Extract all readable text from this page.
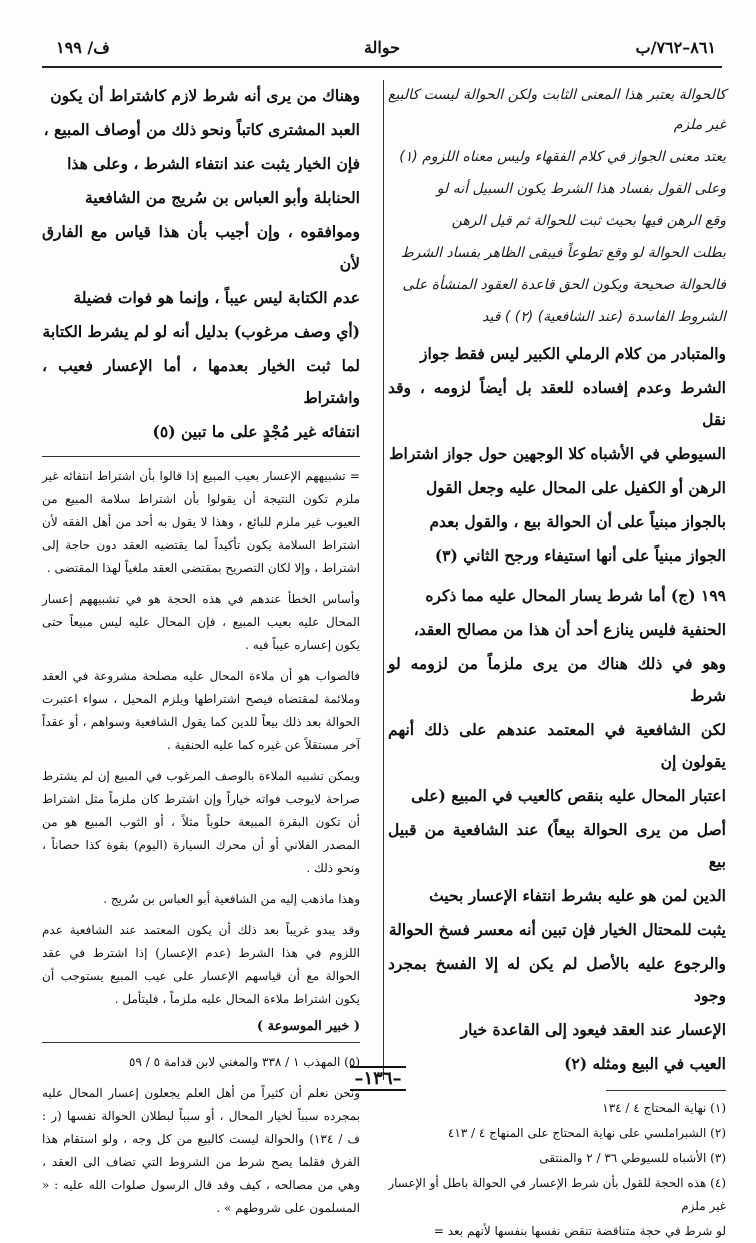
٨٦١–٧٦٢/ب
حوالة
ف/ ١٩٩

كالحوالة يعتبر هذا المعنى الثابت ولكن الحوالة ليست كالبيع غير ملزم

يعتد معنى الجواز في كلام الفقهاء وليس معناه اللزوم (١)

وعلى القول بفساد هذا الشرط يكون السبيل أنه لو

وقع الرهن فيها بحيث ثبت للحوالة ثم قيل الرهن

بطلت الحوالة لو وقع تطوعاً فيبقى الظاهر بفساد الشرط

فالحوالة صحيحة ويكون الحق قاعدة العقود المنشأة على

الشروط الفاسدة (عند الشافعية) (٢) ) قيد

والمتبادر من كلام الرملي الكبير ليس فقط جواز

الشرط وعدم إفساده للعقد بل أيضاً لزومه ، وقد نقل

السيوطي في الأشباه كلا الوجهين حول جواز اشتراط

الرهن أو الكفيل على المحال عليه وجعل القول

بالجواز مبنياً على أن الحوالة بيع ، والقول بعدم

الجواز مبنياً على أنها استيفاء ورجح الثاني (٣)

١٩٩ (ج) أما شرط يسار المحال عليه مما ذكره

الحنفية فليس ينازع أحد أن هذا من مصالح العقد،

وهو في ذلك هناك من يرى ملزماً من لزومه لو شرط

لكن الشافعية في المعتمد عندهم على ذلك أنهم يقولون إن

اعتبار المحال عليه بنقص كالعيب في المبيع (على

أصل من يرى الحوالة بيعاً) عند الشافعية من قبيل بيع

الدين لمن هو عليه بشرط انتفاء الإعسار بحيث

يثبت للمحتال الخيار فإن تبين أنه معسر فسخ الحوالة

والرجوع عليه بالأصل لم يكن له إلا الفسخ بمجرد وجود

الإعسار عند العقد فيعود إلى القاعدة خيار

العيب في البيع ومثله (٢)

(١) نهاية المحتاج ٤ / ١٣٤

(٢) الشبراملسي على نهاية المحتاج على المنهاج ٤ / ٤١٣

(٣) الأشباه للسيوطي ٣٦ / ٢ والمنتقى

(٤) هذه الحجة للقول بأن شرط الإعسار في الحوالة باطل أو الإعسار غير ملزم

لو شرط في حجة متناقضة تنقض نفسها بنفسها لأنهم بعد =

وهناك من يرى أنه شرط لازم كاشتراط أن يكون

العبد المشترى كاتباً ونحو ذلك من أوصاف المبيع ،

فإن الخيار يثبت عند انتفاء الشرط ، وعلى هذا

الحنابلة وأبو العباس بن سُريج من الشافعية

وموافقوه ، وإن أجيب بأن هذا قياس مع الفارق لأن

عدم الكتابة ليس عيباً ، وإنما هو فوات فضيلة

(أي وصف مرغوب) بدليل أنه لو لم يشرط الكتابة

لما ثبت الخيار بعدمها ، أما الإعسار فعيب ، واشتراط

انتفائه غير مُجْدٍ على ما تبين (٥)

= تشبيههم الإعسار بعيب المبيع إذا قالوا بأن اشتراط انتفائه غير ملزم تكون النتيجة أن يقولوا بأن اشتراط سلامة المبيع من العيوب غير ملزم للبائع ، وهذا لا يقول به أحد من أهل الفقه لأن اشتراط السلامة يكون تأكيداً لما يقتضيه العقد دون حاجة إلى اشتراط ، وإلا لكان التصريح بمقتضى العقد ملغياً لهذا المقتضى .

وأساس الخطأ عندهم في هذه الحجة هو في تشبيههم إعسار المحال عليه بعيب المبيع ، فإن المحال عليه ليس مبيعاً حتى يكون إعساره عيباً فيه .

فالصواب هو أن ملاءة المحال عليه مصلحة مشروعة في العقد وملائمة لمقتضاه فيصح اشتراطها ويلزم المحيل ، سواء اعتبرت الحوالة بعد ذلك بيعاً للدين كما يقول الشافعية وسواهم ، أو عقداً آخر مستقلاً عن غيره كما عليه الحنفية .

ويمكن تشبيه الملاءة بالوصف المرغوب في المبيع إن لم يشترط صراحة لايوجب فواته خياراً وإن اشترط كان ملزماً مثل اشتراط أن تكون البقرة المبيعة حلوباً مثلاً ، أو الثوب المبيع هو من المصدر الفلاني أو أن محرك السيارة (اليوم) بقوة كذا حصاناً ، ونحو ذلك .

وهذا ماذهب إليه من الشافعية أبو العباس بن سُريج .

وقد يبدو غريباً بعد ذلك أن يكون المعتمد عند الشافعية عدم اللزوم في هذا الشرط (عدم الإعسار) إذا اشترط في عقد الحوالة مع أن قياسهم الإعسار على عيب المبيع يستوجب أن يكون اشتراط ملاءة المحال عليه ملزماً ، فليتأمل .

( خبير الموسوعة )

(٥) المهذب ١ / ٣٣٨ والمغني لابن قدامة ٥ / ٥٩

ونحن نعلم أن كثيراً من أهل العلم يجعلون إعسار المحال عليه بمجرده سبباً لخيار المحال ، أو سبباً لبطلان الحوالة نفسها (ر : ف / ١٣٤) والحوالة ليست كالبيع من كل وجه ، ولو استقام هذا الفرق فقلما يصح شرط من الشروط التي تضاف الى العقد ، وهي من مصالحه ، كيف وقد قال الرسول صلوات الله عليه : « المسلمون على شروطهم » .

–١٣٦–
